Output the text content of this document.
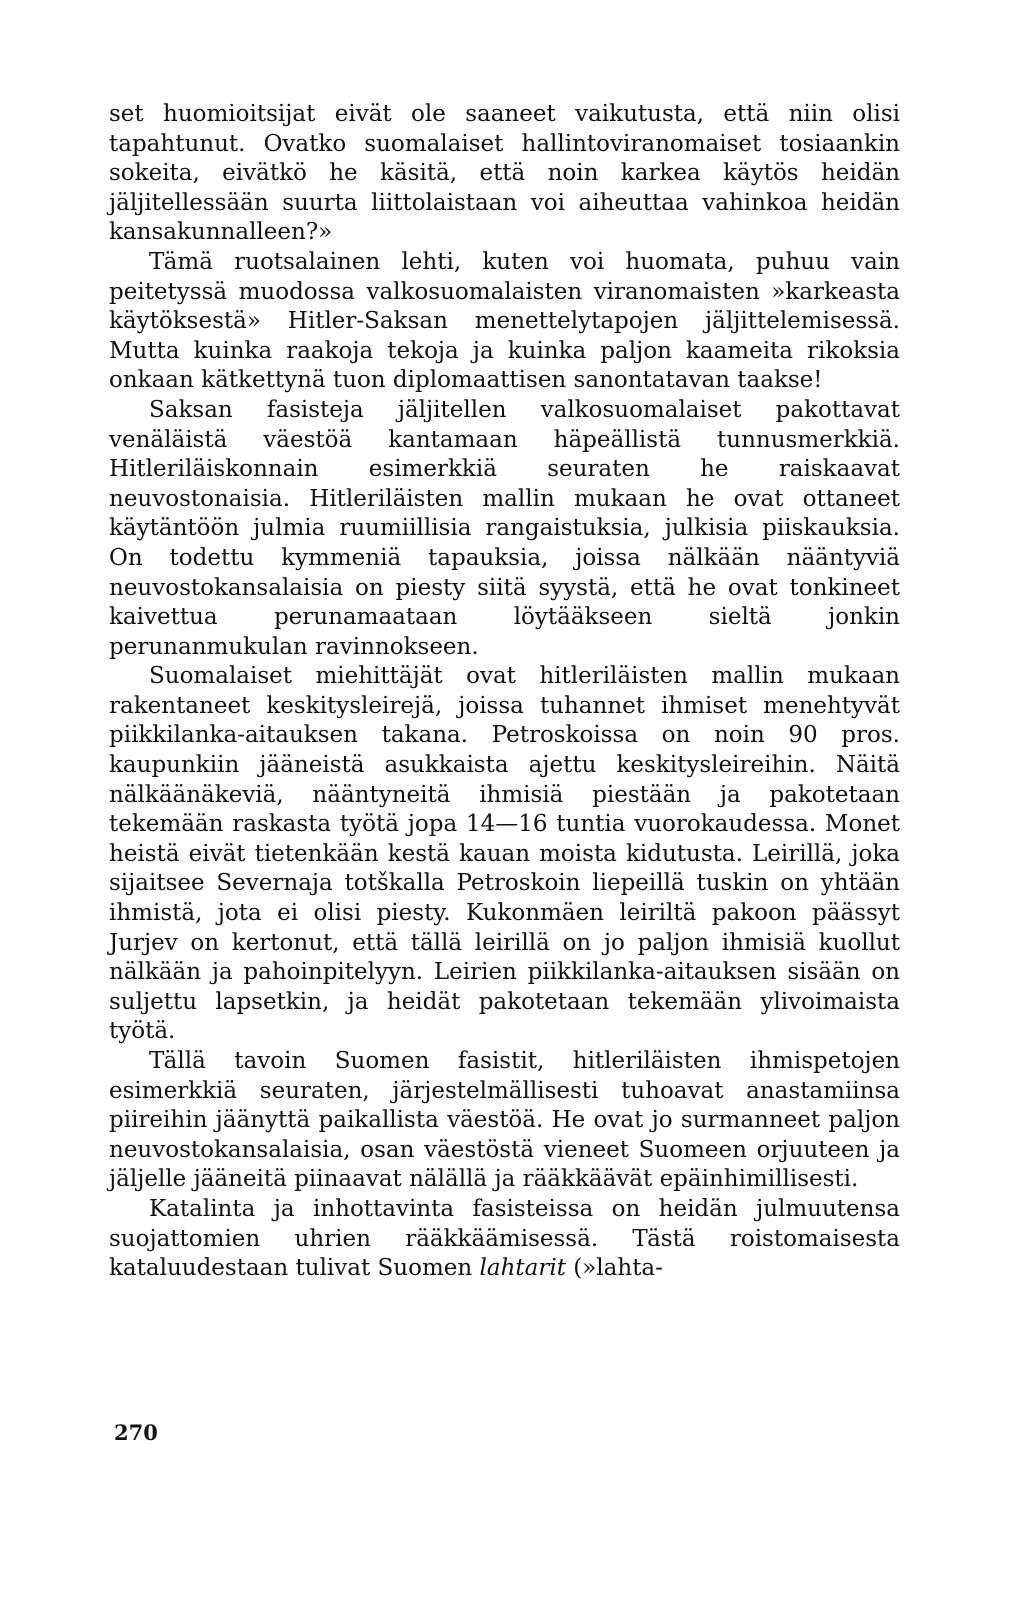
set huomioitsijat eivät ole saaneet vaikutusta, että niin olisi tapahtunut. Ovatko suomalaiset hallintoviranomaiset tosiaankin sokeita, eivätkö he käsitä, että noin karkea käytös heidän jäljitellessään suurta liittolaistaan voi aiheuttaa vahinkoa heidän kansakunnalleen?»

Tämä ruotsalainen lehti, kuten voi huomata, puhuu vain peitetyssä muodossa valkosuomalaisten viranomaisten »karkeasta käytöksestä» Hitler-Saksan menettelytapojen jäljittelemisessä. Mutta kuinka raakoja tekoja ja kuinka paljon kaameita rikoksia onkaan kätkettynä tuon diplomaattisen sanontatavan taakse!

Saksan fasisteja jäljitellen valkosuomalaiset pakottavat venäläistä väestöä kantamaan häpeällistä tunnusmerkkiä. Hitleriläiskonnain esimerkkiä seuraten he raiskaavat neuvostonaisia. Hitleriläisten mallin mukaan he ovat ottaneet käytäntöön julmia ruumiillisia rangaistuksia, julkisia piiskauksia. On todettu kymmeniä tapauksia, joissa nälkään nääntyviä neuvostokansalaisia on piesty siitä syystä, että he ovat tonkineet kaivettua perunamaataan löytääkseen sieltä jonkin perunanmukulan ravinnokseen.

Suomalaiset miehittäjät ovat hitleriläisten mallin mukaan rakentaneet keskitysleirejä, joissa tuhannet ihmiset menehtyvät piikkilanka-aitauksen takana. Petroskoissa on noin 90 pros. kaupunkiin jääneistä asukkaista ajettu keskitysleireihin. Näitä nälkäänäkeviä, nääntyneitä ihmisiä piestään ja pakotetaan tekemään raskasta työtä jopa 14—16 tuntia vuorokaudessa. Monet heistä eivät tietenkään kestä kauan moista kidutusta. Leirillä, joka sijaitsee Severnaja totškalla Petroskoin liepeillä tuskin on yhtään ihmistä, jota ei olisi piesty. Kukonmäen leiriltä pakoon päässyt Jurjev on kertonut, että tällä leirillä on jo paljon ihmisiä kuollut nälkään ja pahoinpitelyyn. Leirien piikkilanka-aitauksen sisään on suljettu lapsetkin, ja heidät pakotetaan tekemään ylivoimaista työtä.

Tällä tavoin Suomen fasistit, hitleriläisten ihmispetojen esimerkkiä seuraten, järjestelmällisesti tuhoavat anastamiinsa piireihin jäänyttä paikallista väestöä. He ovat jo surmanneet paljon neuvostokansalaisia, osan väestöstä vieneet Suomeen orjuuteen ja jäljelle jääneitä piinaavat nälällä ja rääkkäävät epäinhimillisesti.

Katalinta ja inhottavinta fasisteissa on heidän julmuutensa suojattomien uhrien rääkkäämisessä. Tästä roistomaisesta kataluudestaan tulivat Suomen lahtarit (»lahta-

270
